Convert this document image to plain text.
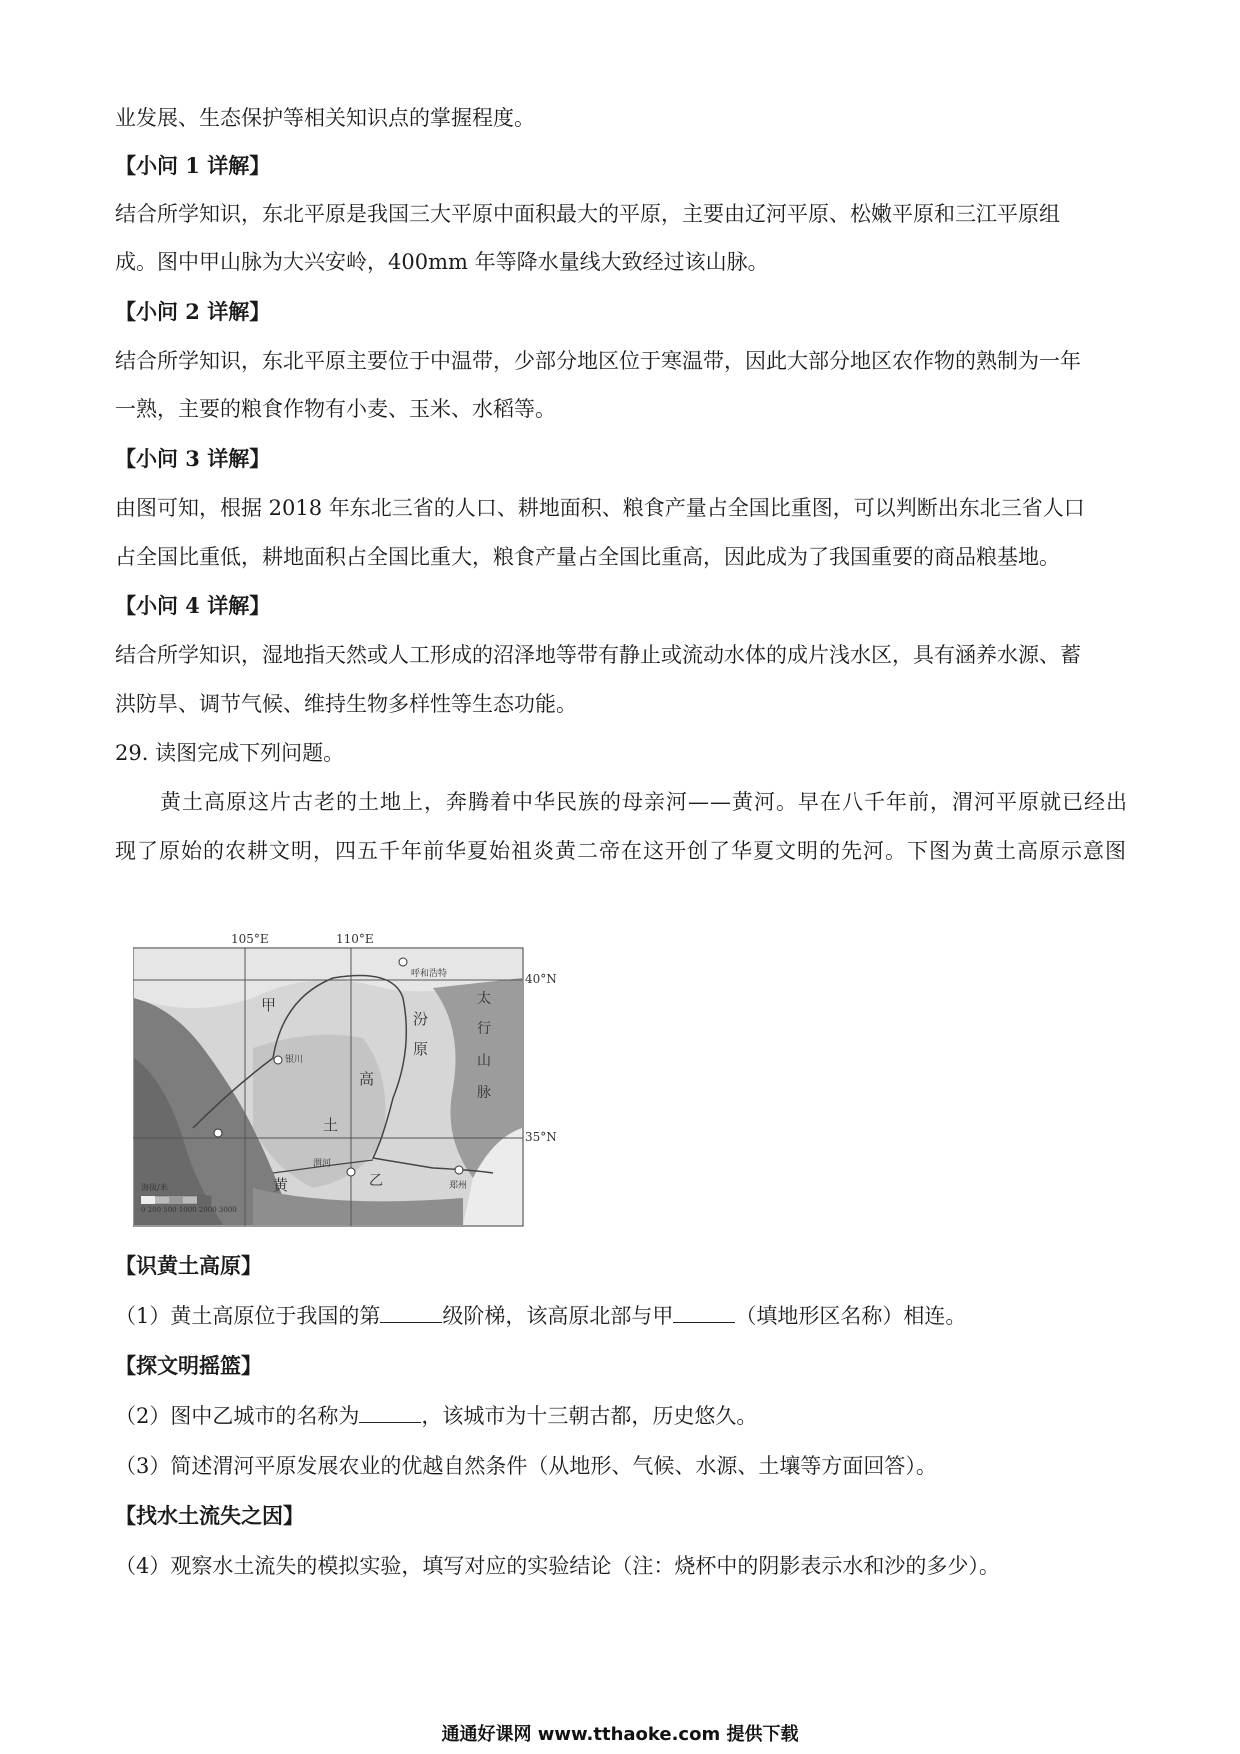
业发展、生态保护等相关知识点的掌握程度。
【小问 1 详解】
结合所学知识，东北平原是我国三大平原中面积最大的平原，主要由辽河平原、松嫩平原和三江平原组
成。图中甲山脉为大兴安岭，400mm 年等降水量线大致经过该山脉。
【小问 2 详解】
结合所学知识，东北平原主要位于中温带，少部分地区位于寒温带，因此大部分地区农作物的熟制为一年
一熟，主要的粮食作物有小麦、玉米、水稻等。
【小问 3 详解】
由图可知，根据 2018 年东北三省的人口、耕地面积、粮食产量占全国比重图，可以判断出东北三省人口
占全国比重低，耕地面积占全国比重大，粮食产量占全国比重高，因此成为了我国重要的商品粮基地。
【小问 4 详解】
结合所学知识，湿地指天然或人工形成的沼泽地等带有静止或流动水体的成片浅水区，具有涵养水源、蓄
洪防旱、调节气候、维持生物多样性等生态功能。
29. 读图完成下列问题。
黄土高原这片古老的土地上，奔腾着中华民族的母亲河——黄河。早在八千年前，渭河平原就已经出
现了原始的农耕文明，四五千年前华夏始祖炎黄二帝在这开创了华夏文明的先河。下图为黄土高原示意图
105°E	110°E
40°N
35°N
甲
乙
高
土
黄
原
汾
太
行
山
脉
呼和浩特
银川
郑州
渭河
海拔/米
0 200 500 1000 2000 3000
【识黄土高原】
（1）黄土高原位于我国的第	级阶梯，该高原北部与甲	（填地形区名称）相连。
【探文明摇篮】
（2）图中乙城市的名称为	，该城市为十三朝古都，历史悠久。
（3）简述渭河平原发展农业的优越自然条件（从地形、气候、水源、土壤等方面回答）。
【找水土流失之因】
（4）观察水土流失的模拟实验，填写对应的实验结论（注：烧杯中的阴影表示水和沙的多少）。
通通好课网 www.tthaoke.com 提供下载
